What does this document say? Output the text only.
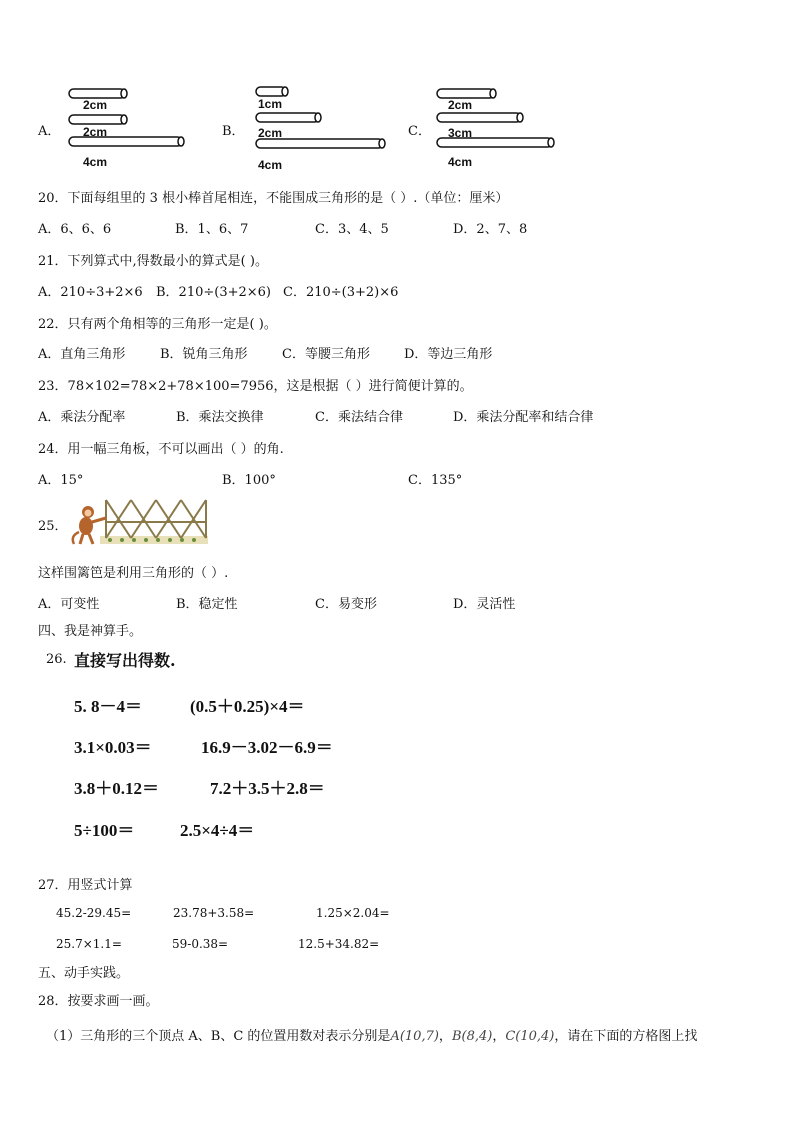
A．
2cm
2cm
4cm
B．
1cm
2cm
4cm
C．
2cm
3cm
4cm
20．下面每组里的 3 根小棒首尾相连，不能围成三角形的是（ ）.（单位：厘米）
A．6、6、6	B．1、6、7	C．3、4、5	D．2、7、8
21．下列算式中,得数最小的算式是( )。
A．210÷3+2×6 B．210÷(3+2×6) C．210÷(3+2)×6
22．只有两个角相等的三角形一定是( )。
A．直角三角形	B．锐角三角形	C．等腰三角形	D．等边三角形
23．78×102=78×2+78×100=7956，这是根据（ ）进行简便计算的。
A．乘法分配率	B．乘法交换律	C．乘法结合律	D．乘法分配率和结合律
24．用一幅三角板，不可以画出（ ）的角.
A．15°	B．100°	C．135°
25．
这样围篱笆是利用三角形的（ ）.
A．可变性	B．稳定性	C．易变形	D．灵活性
四、我是神算手。
26. 直接写出得数.
5. 8－4＝	(0.5＋0.25)×4＝
3.1×0.03＝	16.9－3.02－6.9＝
3.8＋0.12＝	7.2＋3.5＋2.8＝
5÷100＝	2.5×4÷4＝
27．用竖式计算
45.2-29.45=	23.78+3.58=	1.25×2.04=
25.7×1.1=	59-0.38=	12.5+34.82=
五、动手实践。
28．按要求画一画。
（1）三角形的三个顶点 A、B、C 的位置用数对表示分别是A(10,7)，B(8,4)，C(10,4)，请在下面的方格图上找
